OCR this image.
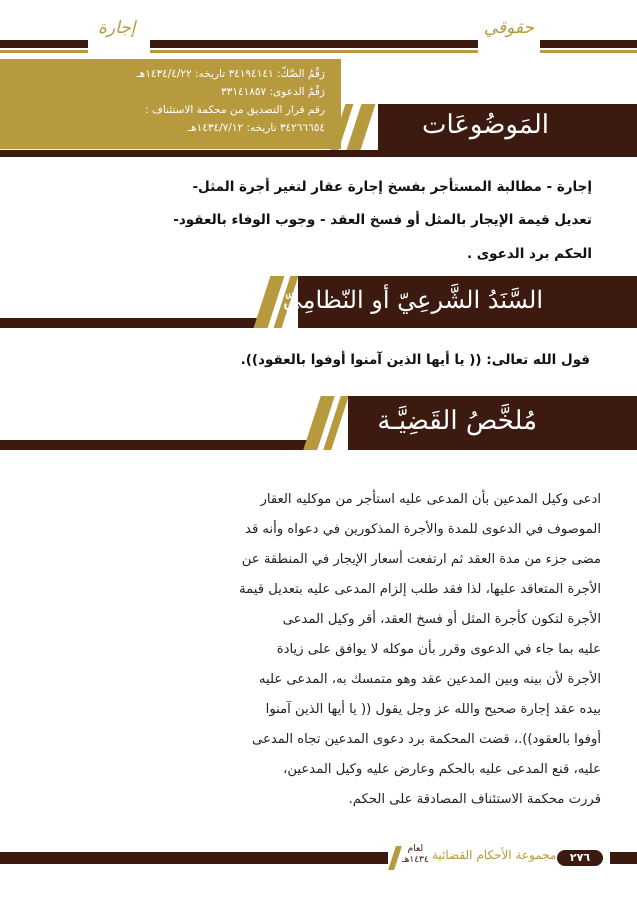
إجارة	حقوقي
رَقْمُ الصَّكّ: ٣٤١٩٤١٤١ تاريخه: ١٤٣٤/٤/٢٢هـ
رَقْمُ الدعوى: ٣٣١٤١٨٥٧
رقم قرار التصديق من محكمة الاستئناف :
٣٤٢٦٦٦٥٤ تاريخه: ١٤٣٤/٧/١٢هـ	المَوضُوعَات
إجارة - مطالبة المستأجر بفسخ إجارة عقار لتغير أجرة المثل-
تعديل قيمة الإيجار بالمثل أو فسخ العقد - وجوب الوفاء بالعقود-
الحكم برد الدعوى .
السَّنَدُ الشَّرعِيّ أو النّظامِيّ
قول الله تعالى: (( يا أيها الذين آمنوا أوفوا بالعقود)).
مُلخَّصُ القَضِيَّـة
ادعى وكيل المدعين بأن المدعى عليه استأجر من موكليه العقار
الموصوف في الدعوى للمدة والأجرة المذكورين في دعواه وأنه قد
مضى جزء من مدة العقد ثم ارتفعت أسعار الإيجار في المنطقة عن
الأجرة المتعاقد عليها، لذا فقد طلب إلزام المدعى عليه بتعديل قيمة
الأجرة لتكون كأجرة المثل أو فسخ العقد، أقر وكيل المدعى
عليه بما جاء في الدعوى وقرر بأن موكله لا يوافق على زيادة
الأجرة لأن بينه وبين المدعين عقد وهو متمسك به، المدعى عليه
بيده عقد إجارة صحيح والله عز وجل يقول (( يا أيها الذين آمنوا
أوفوا بالعقود)).، قضت المحكمة برد دعوى المدعين تجاه المدعى
عليه، قنع المدعى عليه بالحكم وعارض عليه وكيل المدعين،
قررت محكمة الاستئناف المصادقة على الحكم.
لعام
١٤٣٤هـ مجموعة الأحكام القضائية	٢٧٦
